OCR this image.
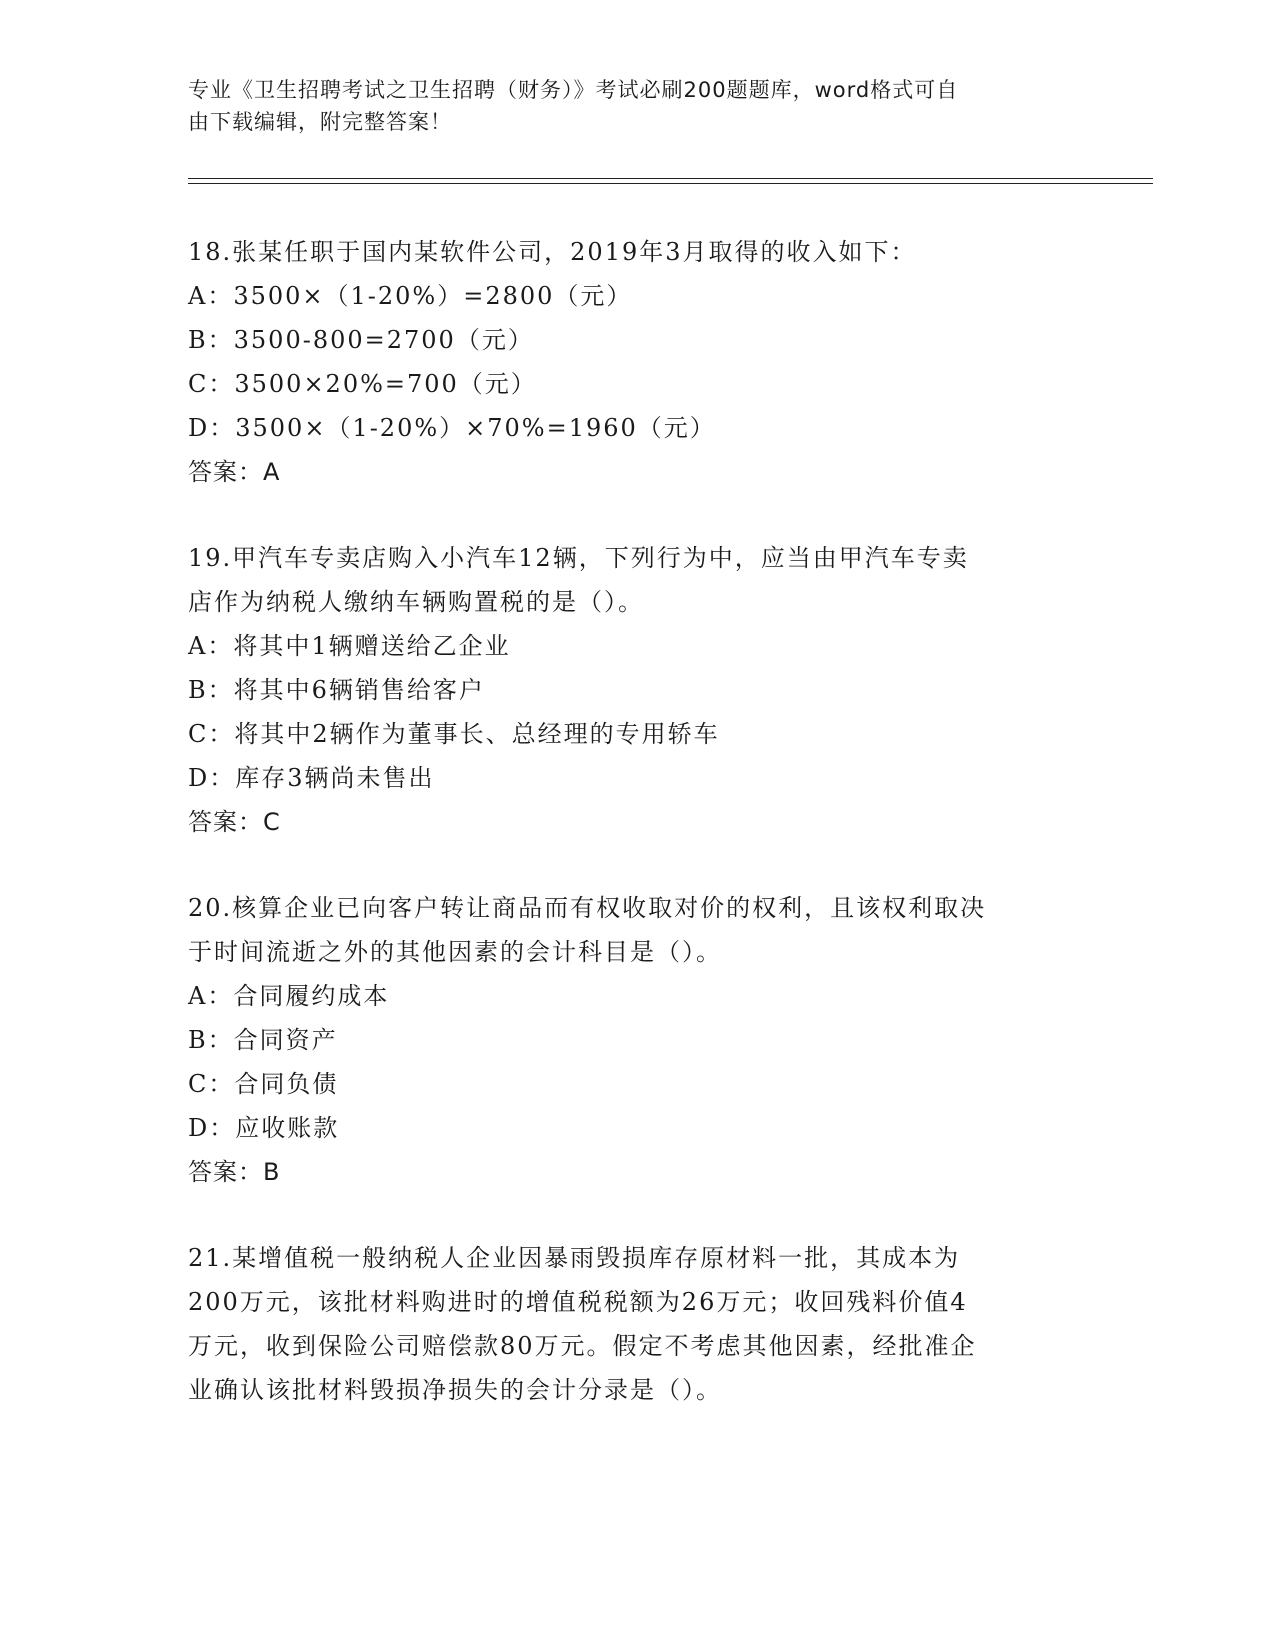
专业《卫生招聘考试之卫生招聘（财务）》考试必刷200题题库，word格式可自
由下载编辑，附完整答案！
18.张某任职于国内某软件公司，2019年3月取得的收入如下：
A：3500×（1-20%）=2800（元）
B：3500-800=2700（元）
C：3500×20%=700（元）
D：3500×（1-20%）×70%=1960（元）
答案：A
19.甲汽车专卖店购入小汽车12辆，下列行为中，应当由甲汽车专卖
店作为纳税人缴纳车辆购置税的是（）。
A：将其中1辆赠送给乙企业
B：将其中6辆销售给客户
C：将其中2辆作为董事长、总经理的专用轿车
D：库存3辆尚未售出
答案：C
20.核算企业已向客户转让商品而有权收取对价的权利，且该权利取决
于时间流逝之外的其他因素的会计科目是（）。
A：合同履约成本
B：合同资产
C：合同负债
D：应收账款
答案：B
21.某增值税一般纳税人企业因暴雨毁损库存原材料一批，其成本为
200万元，该批材料购进时的增值税税额为26万元；收回残料价值4
万元，收到保险公司赔偿款80万元。假定不考虑其他因素，经批准企
业确认该批材料毁损净损失的会计分录是（）。
